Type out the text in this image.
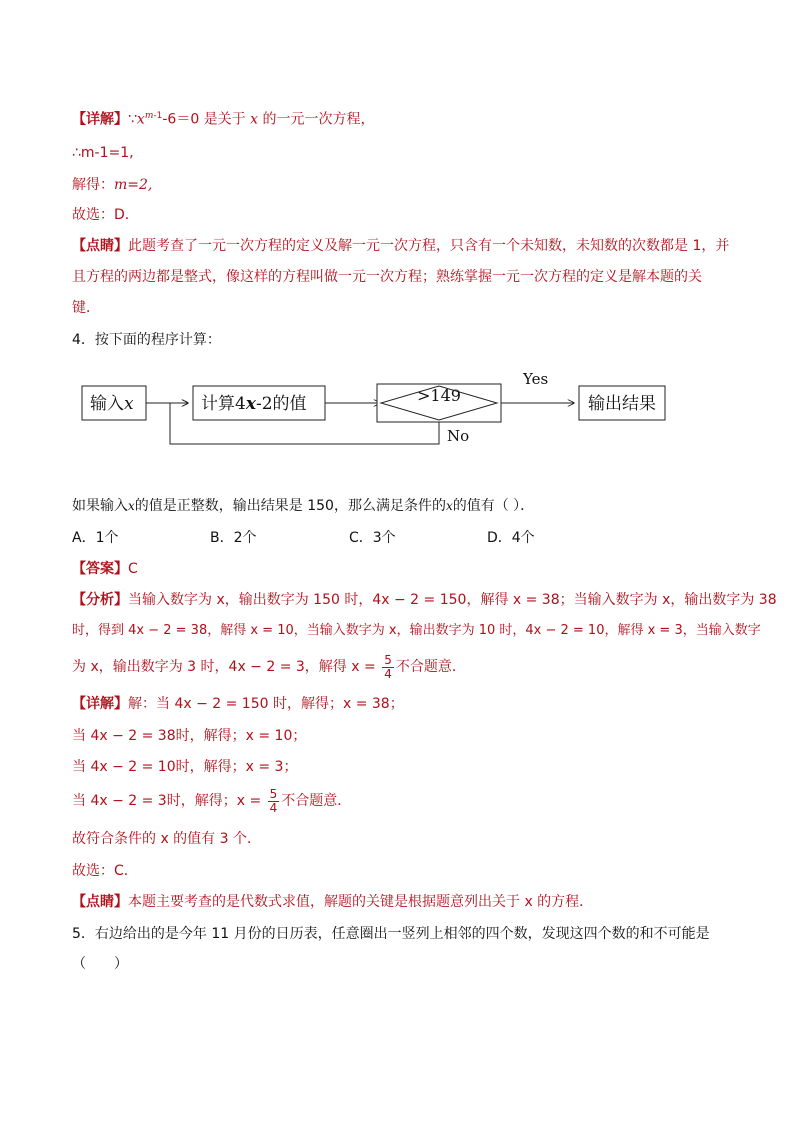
【详解】$\because x^{m-1}-6=0$ 是关于 x 的一元一次方程，
∴m-1=1,
解得：m=2,
故选：D．
【点睛】此题考查了一元一次方程的定义及解一元一次方程，只含有一个未知数，未知数的次数都是 1，并
且方程的两边都是整式，像这样的方程叫做一元一次方程；熟练掌握一元一次方程的定义是解本题的关
键．
4．按下面的程序计算：
输入x	计算4x-2的值	>149
Yes
输出结果
No
如果输入x的值是正整数，输出结果是 150，那么满足条件的x的值有（ ）．
A．1个	B．2个	C．3个	D．4个
【答案】C
【分析】当输入数字为 x，输出数字为 150 时，4x − 2 = 150，解得 x = 38；当输入数字为 x，输出数字为 38
时，得到 4x − 2 = 38，解得 x = 10，当输入数字为 x，输出数字为 10 时，4x − 2 = 10，解得 x = 3，当输入数字
为 x，输出数字为 3 时，4x − 2 = 3，解得 $x = \frac{5}{4}$ 不合题意．
【详解】解：当 4x − 2 = 150 时，解得；x = 38；
当 4x − 2 = 38时，解得；x = 10；
当 4x − 2 = 10时，解得；x = 3；
当 4x − 2 = 3时，解得；$x = \frac{5}{4}$ 不合题意．
故符合条件的 x 的值有 3 个．
故选：C．
【点睛】本题主要考查的是代数式求值，解题的关键是根据题意列出关于 x 的方程．
5．右边给出的是今年 11 月份的日历表，任意圈出一竖列上相邻的四个数，发现这四个数的和不可能是
（　　）
